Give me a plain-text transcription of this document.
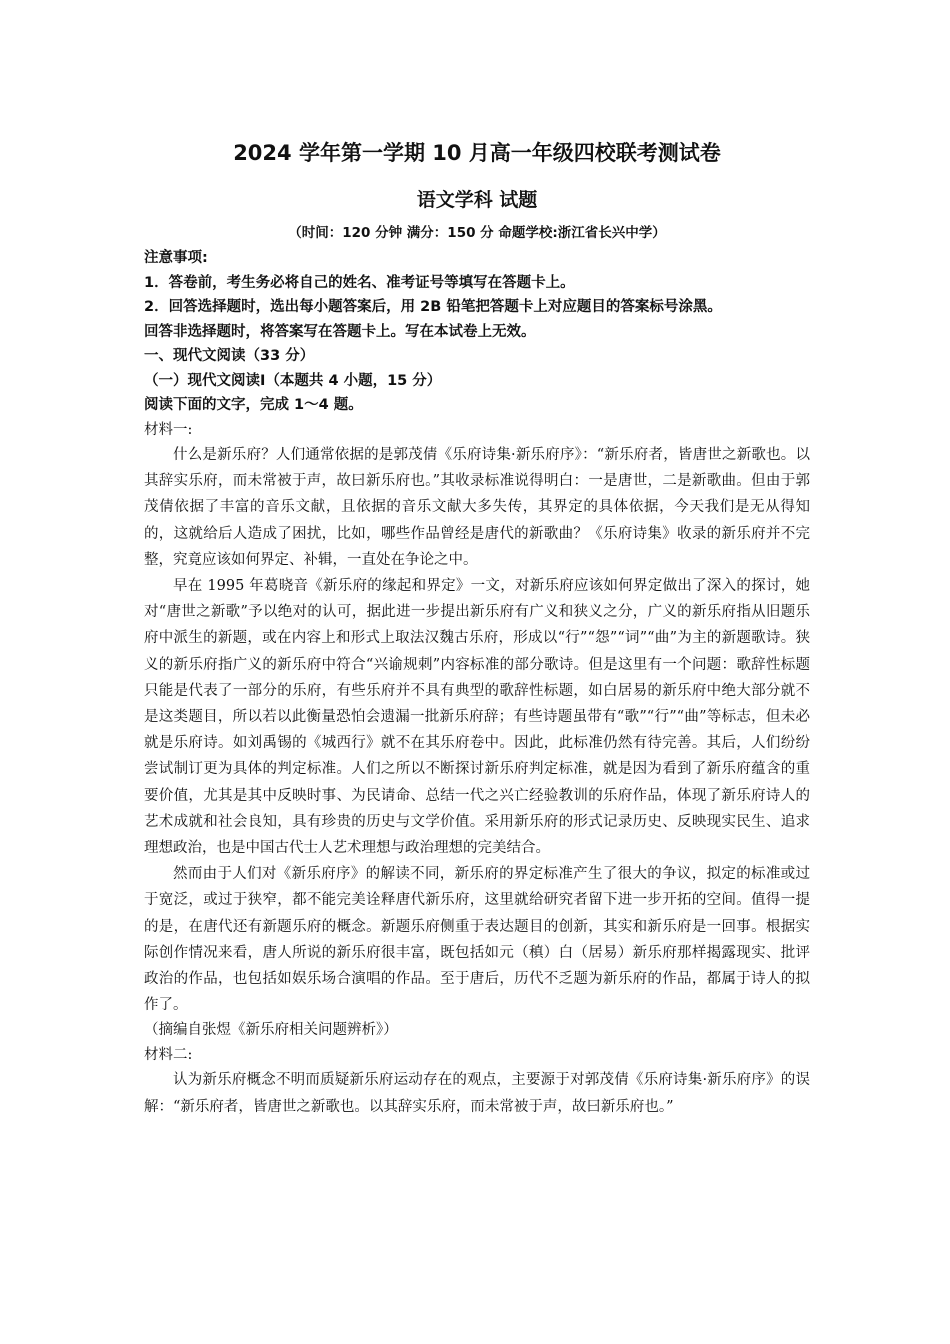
2024 学年第一学期 10 月高一年级四校联考测试卷
语文学科 试题
（时间：120 分钟 满分：150 分 命题学校:浙江省长兴中学）
注意事项:
1．答卷前，考生务必将自己的姓名、准考证号等填写在答题卡上。
2．回答选择题时，选出每小题答案后，用 2B 铅笔把答题卡上对应题目的答案标号涂黑。
回答非选择题时，将答案写在答题卡上。写在本试卷上无效。
一、现代文阅读（33 分）
（一）现代文阅读Ⅰ（本题共 4 小题，15 分）
阅读下面的文字，完成 1～4 题。
材料一:

什么是新乐府？人们通常依据的是郭茂倩《乐府诗集·新乐府序》：“新乐府者，皆唐世之新歌也。以其辞实乐府，而未常被于声，故曰新乐府也。”其收录标准说得明白：一是唐世，二是新歌曲。但由于郭茂倩依据了丰富的音乐文献，且依据的音乐文献大多失传，其界定的具体依据，今天我们是无从得知的，这就给后人造成了困扰，比如，哪些作品曾经是唐代的新歌曲？《乐府诗集》收录的新乐府并不完整，究竟应该如何界定、补辑，一直处在争论之中。

早在 1995 年葛晓音《新乐府的缘起和界定》一文，对新乐府应该如何界定做出了深入的探讨，她对“唐世之新歌”予以绝对的认可，据此进一步提出新乐府有广义和狭义之分，广义的新乐府指从旧题乐府中派生的新题，或在内容上和形式上取法汉魏古乐府，形成以“行”“怨”“词”“曲”为主的新题歌诗。狭义的新乐府指广义的新乐府中符合“兴谕规刺”内容标准的部分歌诗。但是这里有一个问题：歌辞性标题只能是代表了一部分的乐府，有些乐府并不具有典型的歌辞性标题，如白居易的新乐府中绝大部分就不是这类题目，所以若以此衡量恐怕会遗漏一批新乐府辞；有些诗题虽带有“歌”“行”“曲”等标志，但未必就是乐府诗。如刘禹锡的《城西行》就不在其乐府卷中。因此，此标准仍然有待完善。其后，人们纷纷尝试制订更为具体的判定标准。人们之所以不断探讨新乐府判定标准，就是因为看到了新乐府蕴含的重要价值，尤其是其中反映时事、为民请命、总结一代之兴亡经验教训的乐府作品，体现了新乐府诗人的艺术成就和社会良知，具有珍贵的历史与文学价值。采用新乐府的形式记录历史、反映现实民生、追求理想政治，也是中国古代士人艺术理想与政治理想的完美结合。

然而由于人们对《新乐府序》的解读不同，新乐府的界定标准产生了很大的争议，拟定的标准或过于宽泛，或过于狭窄，都不能完美诠释唐代新乐府，这里就给研究者留下进一步开拓的空间。值得一提的是，在唐代还有新题乐府的概念。新题乐府侧重于表达题目的创新，其实和新乐府是一回事。根据实际创作情况来看，唐人所说的新乐府很丰富，既包括如元（稹）白（居易）新乐府那样揭露现实、批评政治的作品，也包括如娱乐场合演唱的作品。至于唐后，历代不乏题为新乐府的作品，都属于诗人的拟作了。

（摘编自张煜《新乐府相关问题辨析》）
材料二:

认为新乐府概念不明而质疑新乐府运动存在的观点，主要源于对郭茂倩《乐府诗集·新乐府序》的误解：“新乐府者，皆唐世之新歌也。以其辞实乐府，而未常被于声，故曰新乐府也。”
